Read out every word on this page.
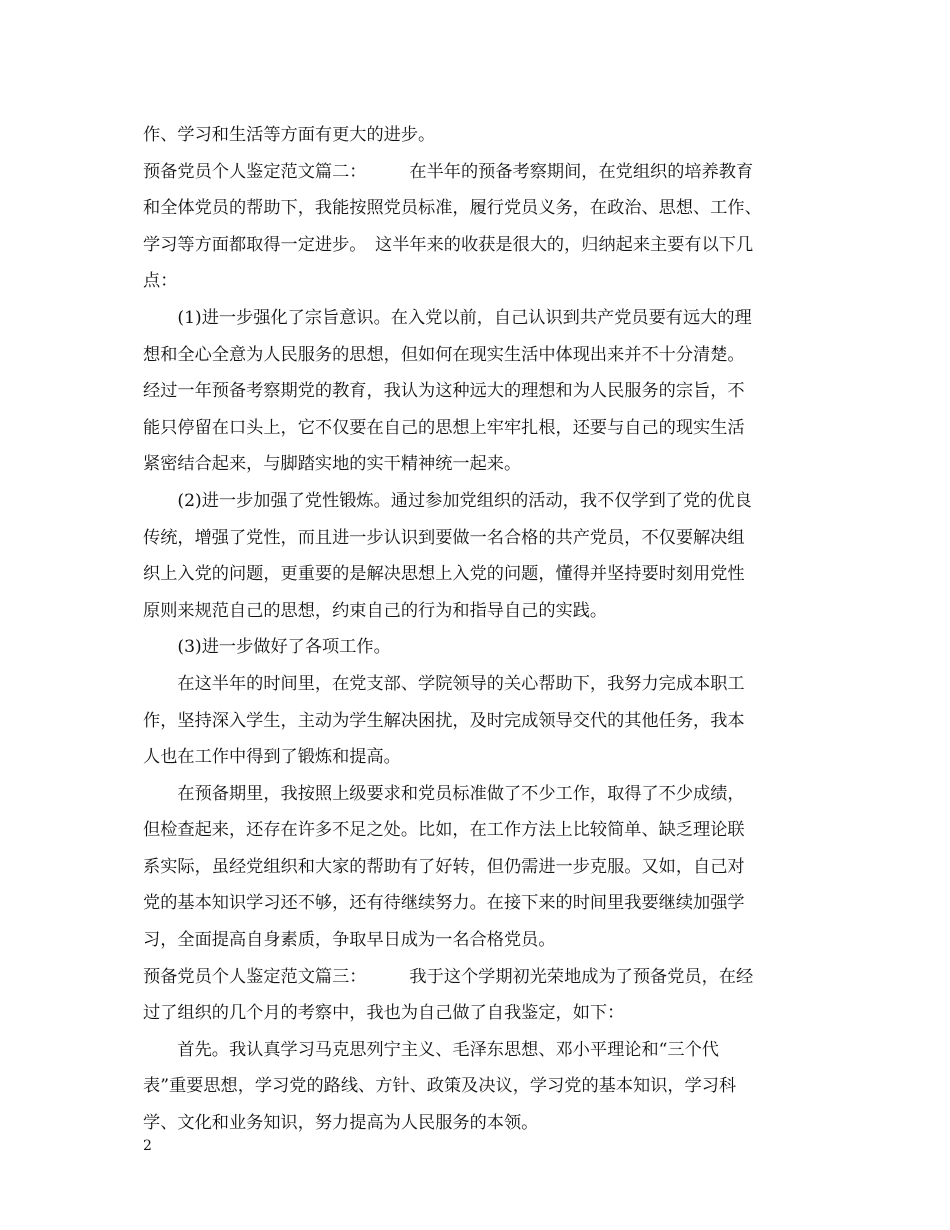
作、学习和生活等方面有更大的进步。
预备党员个人鉴定范文篇二：　　　在半年的预备考察期间，在党组织的培养教育
和全体党员的帮助下，我能按照党员标准，履行党员义务，在政治、思想、工作、
学习等方面都取得一定进步。　这半年来的收获是很大的，归纳起来主要有以下几
点：
　　(1)进一步强化了宗旨意识。在入党以前，自己认识到共产党员要有远大的理
想和全心全意为人民服务的思想，但如何在现实生活中体现出来并不十分清楚。
经过一年预备考察期党的教育，我认为这种远大的理想和为人民服务的宗旨，不
能只停留在口头上，它不仅要在自己的思想上牢牢扎根，还要与自己的现实生活
紧密结合起来，与脚踏实地的实干精神统一起来。
　　(2)进一步加强了党性锻炼。通过参加党组织的活动，我不仅学到了党的优良
传统，增强了党性，而且进一步认识到要做一名合格的共产党员，不仅要解决组
织上入党的问题，更重要的是解决思想上入党的问题，懂得并坚持要时刻用党性
原则来规范自己的思想，约束自己的行为和指导自己的实践。
　　(3)进一步做好了各项工作。
　　在这半年的时间里，在党支部、学院领导的关心帮助下，我努力完成本职工
作，坚持深入学生，主动为学生解决困扰，及时完成领导交代的其他任务，我本
人也在工作中得到了锻炼和提高。
　　在预备期里，我按照上级要求和党员标准做了不少工作，取得了不少成绩，
但检查起来，还存在许多不足之处。比如，在工作方法上比较简单、缺乏理论联
系实际，虽经党组织和大家的帮助有了好转，但仍需进一步克服。又如，自己对
党的基本知识学习还不够，还有待继续努力。在接下来的时间里我要继续加强学
习，全面提高自身素质，争取早日成为一名合格党员。
预备党员个人鉴定范文篇三：　　　我于这个学期初光荣地成为了预备党员，在经
过了组织的几个月的考察中，我也为自己做了自我鉴定，如下：
　　首先。我认真学习马克思列宁主义、毛泽东思想、邓小平理论和“三个代
表”重要思想，学习党的路线、方针、政策及决议，学习党的基本知识，学习科
学、文化和业务知识，努力提高为人民服务的本领。
2
